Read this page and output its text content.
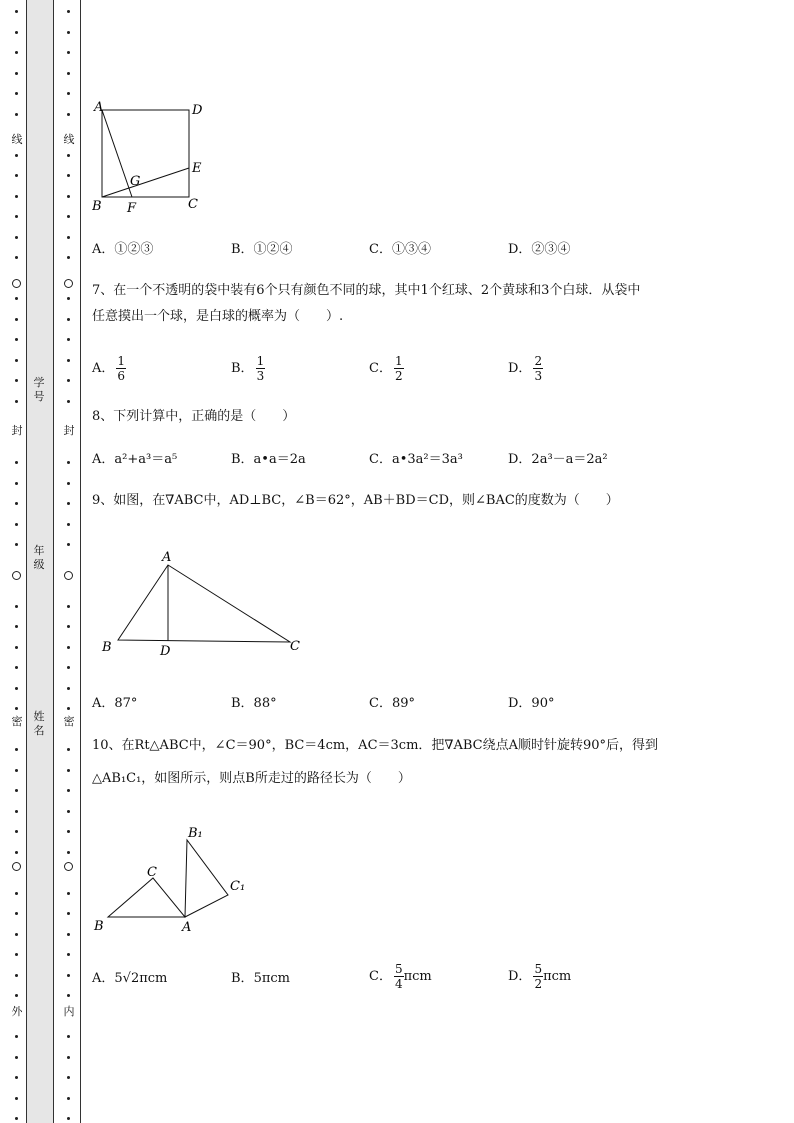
线
封
密
外
线
封
密
内
学
号
年
级
姓
名
A	D
E
G
B F	C
A．①②③	B．①②④	C．①③④	D．②③④
7、在一个不透明的袋中装有6个只有颜色不同的球，其中1个红球、2个黄球和3个白球．从袋中
任意摸出一个球，是白球的概率为（　　）.
A． $\frac{1}{6}$	B． $\frac{1}{3}$	C． $\frac{1}{2}$	D． $\frac{2}{3}$
8、下列计算中，正确的是（　　）
A．a²+a³＝a⁵	B．a•a＝2a	C．a•3a²＝3a³	D．2a³－a＝2a²
9、如图，在∇ABC中，AD⊥BC，∠B＝62°，AB＋BD＝CD，则∠BAC的度数为（　　）
A
B	D	C
A．87°	B．88°	C．89°	D．90°
10、在Rt△ABC中，∠C＝90°，BC＝4cm，AC＝3cm．把∇ABC绕点A顺时针旋转90°后，得到
△AB₁C₁，如图所示，则点B所走过的路径长为（　　）
B₁
C
C₁
B	A
A．5√2πcm	B．5πcm	C． $\frac{5}{4}$ πcm	D． $\frac{5}{2}$ πcm
